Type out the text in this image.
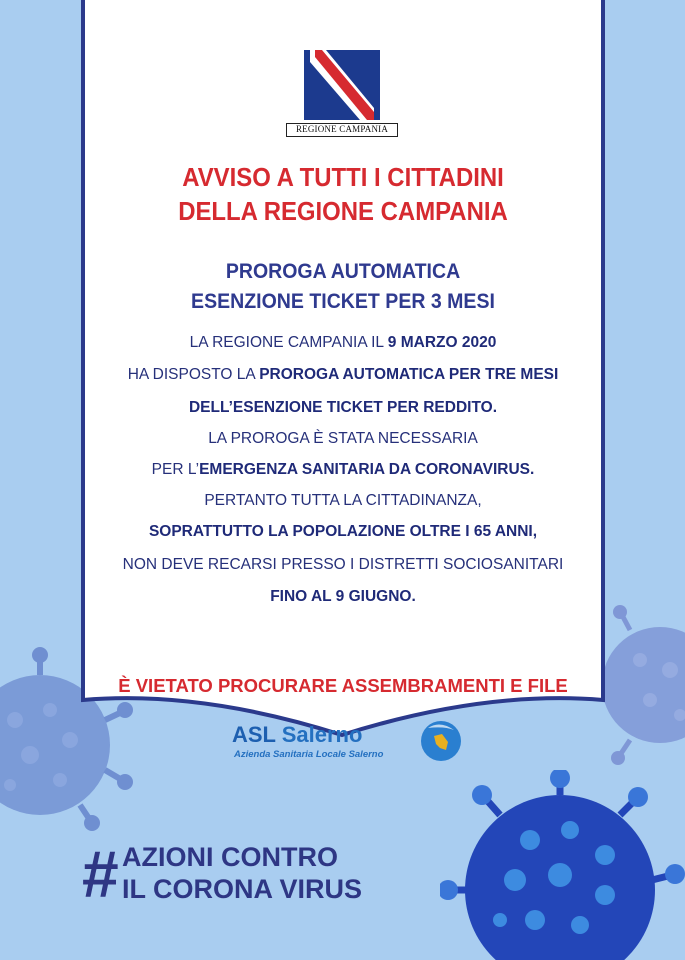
REGIONE CAMPANIA
AVVISO A TUTTI I CITTADINI
DELLA REGIONE CAMPANIA
PROROGA AUTOMATICA
ESENZIONE TICKET PER 3 MESI
LA REGIONE CAMPANIA IL 9 MARZO 2020
HA DISPOSTO LA PROROGA AUTOMATICA PER TRE MESI
DELL’ESENZIONE TICKET PER REDDITO.
LA PROROGA È STATA NECESSARIA
PER L’EMERGENZA SANITARIA DA CORONAVIRUS.
PERTANTO TUTTA LA CITTADINANZA,
SOPRATTUTTO LA POPOLAZIONE OLTRE I 65 ANNI,
NON DEVE RECARSI PRESSO I DISTRETTI SOCIOSANITARI
FINO AL 9 GIUGNO.
È VIETATO PROCURARE ASSEMBRAMENTI E FILE
ASL Salerno
Azienda Sanitaria Locale Salerno
# AZIONI CONTRO
IL CORONA VIRUS
